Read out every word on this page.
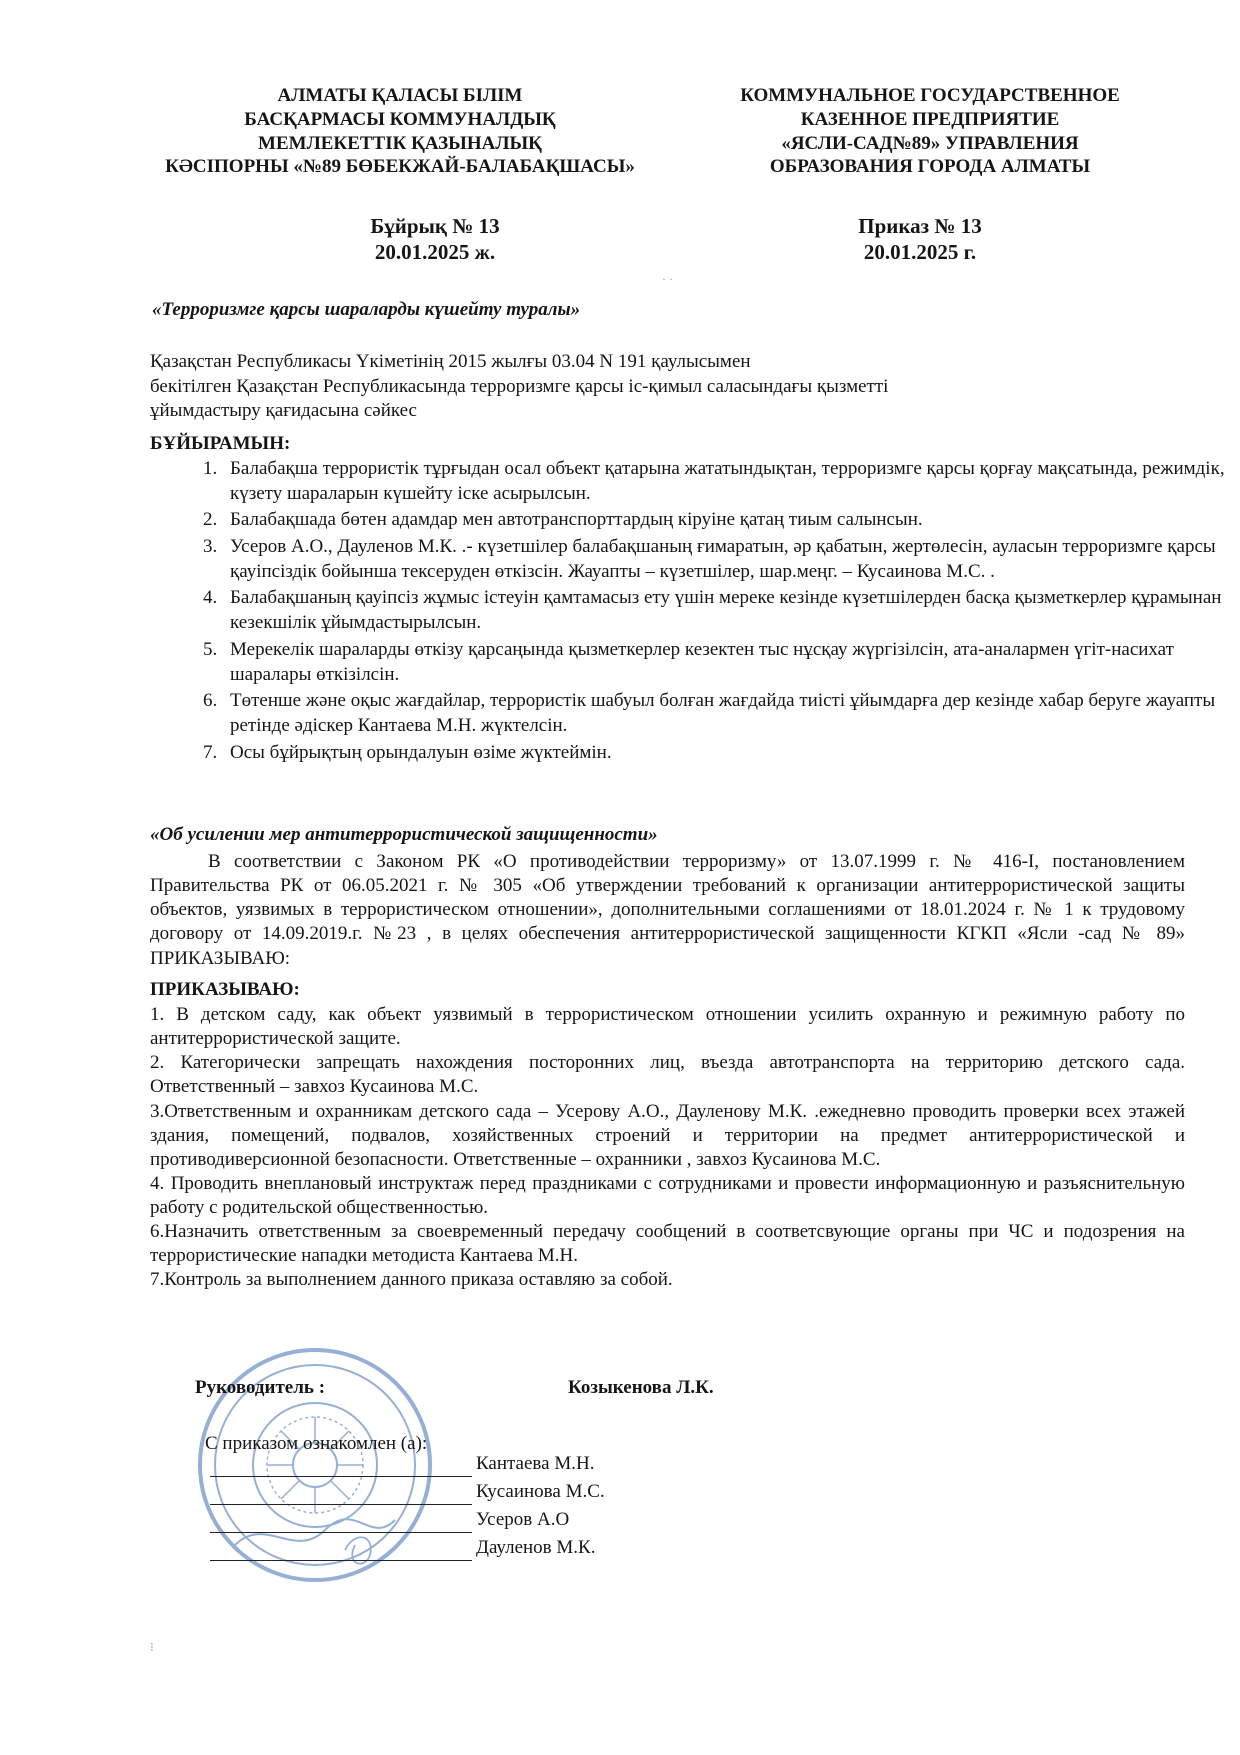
АЛМАТЫ ҚАЛАСЫ БІЛІМ
БАСҚАРМАСЫ КОММУНАЛДЫҚ
МЕМЛЕКЕТТІК ҚАЗЫНАЛЫҚ
КӘСІПОРНЫ «№89 БӨБЕКЖАЙ-БАЛАБАҚШАСЫ»
КОММУНАЛЬНОЕ ГОСУДАРСТВЕННОЕ
КАЗЕННОЕ ПРЕДПРИЯТИЕ
«ЯСЛИ-САД№89» УПРАВЛЕНИЯ
ОБРАЗОВАНИЯ ГОРОДА АЛМАТЫ
Бұйрық № 13
20.01.2025 ж.
Приказ № 13
20.01.2025 г.
· ·
«Терроризмге қарсы шараларды күшейту туралы»
Қазақстан Республикасы Үкіметінің 2015 жылғы 03.04 N 191 қаулысымен
бекітілген Қазақстан Республикасында терроризмге қарсы іс-қимыл саласындағы қызметті
ұйымдастыру қағидасына сәйкес
БҰЙЫРАМЫН:
1. Балабақша террористік тұрғыдан осал объект қатарына жататындықтан, терроризмге қарсы қорғау мақсатында, режимдік, күзету шараларын күшейту іске асырылсын.
2. Балабақшада бөтен адамдар мен автотранспорттардың кіруіне қатаң тиым салынсын.
3. Усеров А.О., Дауленов М.К. .- күзетшілер балабақшаның ғимаратын, әр қабатын, жертөлесін, ауласын терроризмге қарсы қауіпсіздік бойынша тексеруден өткізсін. Жауапты – күзетшілер, шар.меңг. – Кусаинова М.С. .
4. Балабақшаның қауіпсіз жұмыс істеуін қамтамасыз ету үшін мереке кезінде күзетшілерден басқа қызметкерлер құрамынан кезекшілік ұйымдастырылсын.
5. Мерекелік шараларды өткізу қарсаңында қызметкерлер кезектен тыс нұсқау жүргізілсін, ата-аналармен үгіт-насихат шаралары өткізілсін.
6. Төтенше және оқыс жағдайлар, террористік шабуыл болған жағдайда тиісті ұйымдарға дер кезінде хабар беруге жауапты ретінде әдіскер Кантаева М.Н. жүктелсін.
7. Осы бұйрықтың орындалуын өзіме жүктеймін.
«Об усилении мер антитеррористической защищенности»

В соответствии с Законом РК «О противодействии терроризму» от 13.07.1999 г. № 416-I, постановлением Правительства РК от 06.05.2021 г. № 305 «Об утверждении требований к организации антитеррористической защиты объектов, уязвимых в террористическом отношении», дополнительными соглашениями от 18.01.2024 г. № 1 к трудовому договору от 14.09.2019.г. №23 , в целях обеспечения антитеррористической защищенности КГКП «Ясли -сад № 89» ПРИКАЗЫВАЮ:

ПРИКАЗЫВАЮ:

1. В детском саду, как объект уязвимый в террористическом отношении усилить охранную и режимную работу по антитеррористической защите.

2. Категорически запрещать нахождения посторонних лиц, въезда автотранспорта на территорию детского сада. Ответственный – завхоз Кусаинова М.С.

3.Ответственным и охранникам детского сада – Усерову А.О., Дауленову М.К. .ежедневно проводить проверки всех этажей здания, помещений, подвалов, хозяйственных строений и территории на предмет антитеррористической и противодиверсионной безопасности. Ответственные – охранники , завхоз Кусаинова М.С.

4. Проводить внеплановый инструктаж перед праздниками с сотрудниками и провести информационную и разъяснительную работу с родительской общественностью.

6.Назначить ответственным за своевременный передачу сообщений в соответсвующие органы при ЧС и подозрения на террористические нападки методиста Кантаева М.Н.

7.Контроль за выполнением данного приказа оставляю за собой.

Руководитель :	Козыкенова Л.К.
С приказом ознакомлен (а):
Кантаева М.Н.
Кусаинова М.С.
Усеров А.О
Дауленов М.К.
⁝
